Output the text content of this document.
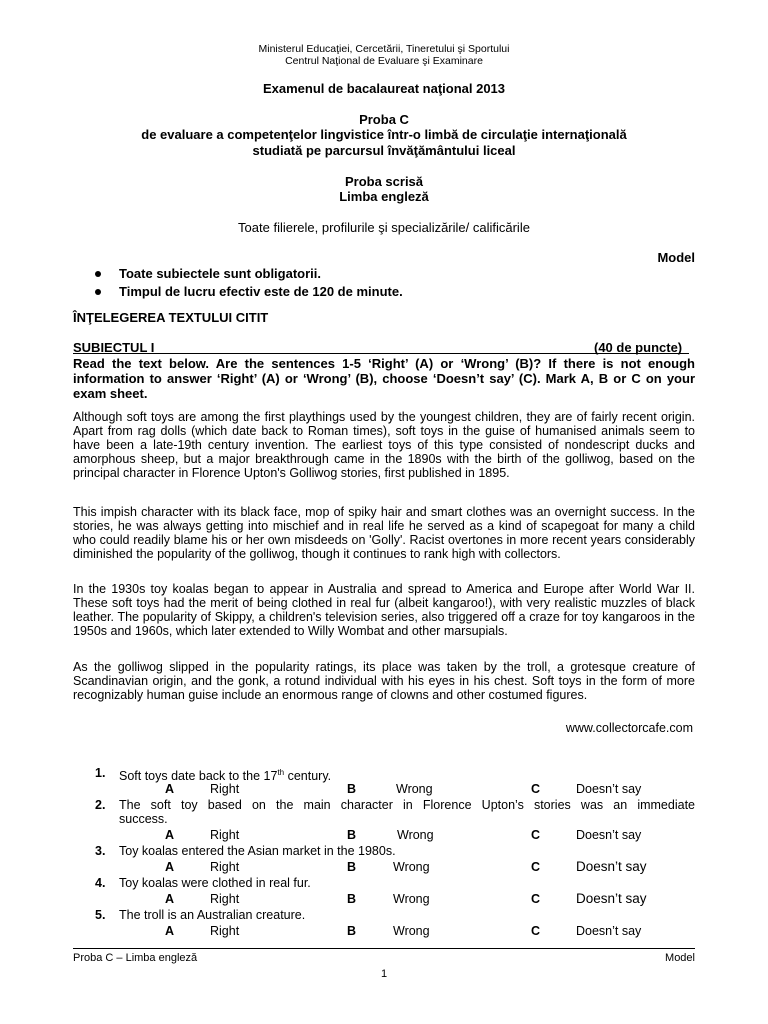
Ministerul Educaţiei, Cercetării, Tineretului şi Sportului
Centrul Naţional de Evaluare şi Examinare
Examenul de bacalaureat naţional 2013
Proba C
de evaluare a competenţelor lingvistice într-o limbă de circulaţie internaţională
studiată pe parcursul învăţământului liceal
Proba scrisă
Limba engleză
Toate filierele, profilurile şi specializările/ calificările
Model
Toate subiectele sunt obligatorii.
Timpul de lucru efectiv este de 120 de minute.
ÎNŢELEGEREA TEXTULUI CITIT
SUBIECTUL I	(40 de puncte)
Read the text below. Are the sentences 1-5 ‘Right’ (A) or ‘Wrong’ (B)? If there is not enough information to answer ‘Right’ (A) or ‘Wrong’ (B), choose ‘Doesn’t say’ (C). Mark A, B or C on your exam sheet.
Although soft toys are among the first playthings used by the youngest children, they are of fairly recent origin. Apart from rag dolls (which date back to Roman times), soft toys in the guise of humanised animals seem to have been a late-19th century invention. The earliest toys of this type consisted of nondescript ducks and amorphous sheep, but a major breakthrough came in the 1890s with the birth of the golliwog, based on the principal character in Florence Upton's Golliwog stories, first published in 1895.
This impish character with its black face, mop of spiky hair and smart clothes was an overnight success. In the stories, he was always getting into mischief and in real life he served as a kind of scapegoat for many a child who could readily blame his or her own misdeeds on 'Golly'. Racist overtones in more recent years considerably diminished the popularity of the golliwog, though it continues to rank high with collectors.
In the 1930s toy koalas began to appear in Australia and spread to America and Europe after World War II. These soft toys had the merit of being clothed in real fur (albeit kangaroo!), with very realistic muzzles of black leather. The popularity of Skippy, a children's television series, also triggered off a craze for toy kangaroos in the 1950s and 1960s, which later extended to Willy Wombat and other marsupials.
As the golliwog slipped in the popularity ratings, its place was taken by the troll, a grotesque creature of Scandinavian origin, and the gonk, a rotund individual with his eyes in his chest. Soft toys in the form of more recognizably human guise include an enormous range of clowns and other costumed figures.
www.collectorcafe.com
1. Soft toys date back to the 17th century.
A	Right	B	Wrong	C	Doesn’t say
2. The soft toy based on the main character in Florence Upton’s stories was an immediate
success.
A	Right	B	Wrong	C	Doesn’t say
3. Toy koalas entered the Asian market in the 1980s.
A	Right	B	Wrong	C	Doesn’t say
4. Toy koalas were clothed in real fur.
A	Right	B	Wrong	C	Doesn’t say
5. The troll is an Australian creature.
A	Right	B	Wrong	C	Doesn’t say
Proba C – Limba engleză	Model
1
